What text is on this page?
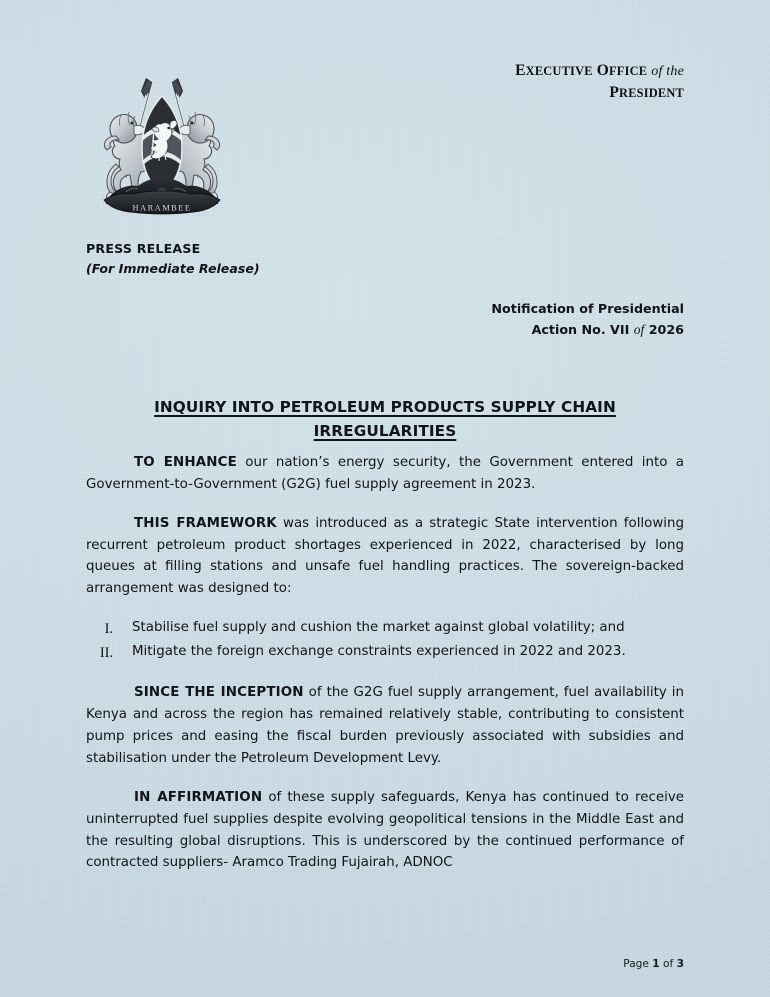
HARAMBEE
EXECUTIVE OFFICE of the
PRESIDENT
PRESS RELEASE
(For Immediate Release)
Notification of Presidential
Action No. VII of 2026
INQUIRY INTO PETROLEUM PRODUCTS SUPPLY CHAIN
IRREGULARITIES

TO ENHANCE our nation’s energy security, the Government entered into a Government-to-Government (G2G) fuel supply agreement in 2023.

THIS FRAMEWORK was introduced as a strategic State intervention following recurrent petroleum product shortages experienced in 2022, characterised by long queues at filling stations and unsafe fuel handling practices. The sovereign-backed arrangement was designed to:

I.	Stabilise fuel supply and cushion the market against global volatility; and
II.	Mitigate the foreign exchange constraints experienced in 2022 and 2023.

SINCE THE INCEPTION of the G2G fuel supply arrangement, fuel availability in Kenya and across the region has remained relatively stable, contributing to consistent pump prices and easing the fiscal burden previously associated with subsidies and stabilisation under the Petroleum Development Levy.

IN AFFIRMATION of these supply safeguards, Kenya has continued to receive uninterrupted fuel supplies despite evolving geopolitical tensions in the Middle East and the resulting global disruptions. This is underscored by the continued performance of contracted suppliers- Aramco Trading Fujairah, ADNOC

Page 1 of 3
